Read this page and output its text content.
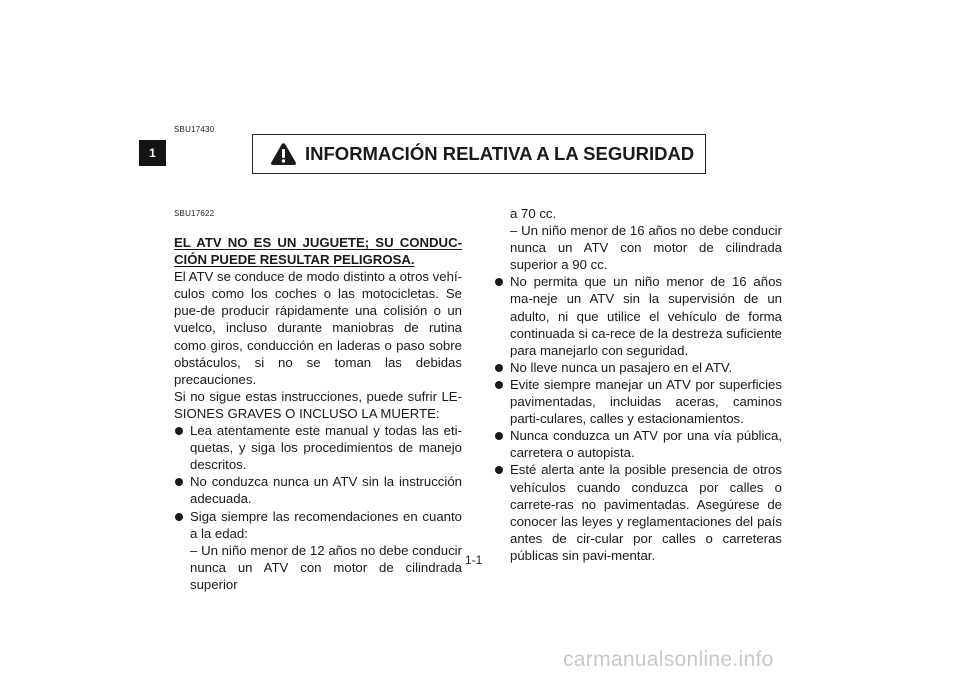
1
SBU17430
INFORMACIÓN RELATIVA A LA SEGURIDAD
SBU17622
EL ATV NO ES UN JUGUETE; SU CONDUC-CIÓN PUEDE RESULTAR PELIGROSA.
El ATV se conduce de modo distinto a otros vehí-culos como los coches o las motocicletas. Se pue-de producir rápidamente una colisión o un vuelco, incluso durante maniobras de rutina como giros, conducción en laderas o paso sobre obstáculos, si no se toman las debidas precauciones.
Si no sigue estas instrucciones, puede sufrir LE-SIONES GRAVES O INCLUSO LA MUERTE:
Lea atentamente este manual y todas las eti-quetas, y siga los procedimientos de manejo descritos.
No conduzca nunca un ATV sin la instrucción adecuada.
Siga siempre las recomendaciones en cuanto a la edad:
– Un niño menor de 12 años no debe conducir nunca un ATV con motor de cilindrada superior
a 70 cc.
– Un niño menor de 16 años no debe conducir nunca un ATV con motor de cilindrada superior a 90 cc.
No permita que un niño menor de 16 años ma-neje un ATV sin la supervisión de un adulto, ni que utilice el vehículo de forma continuada si ca-rece de la destreza suficiente para manejarlo con seguridad.
No lleve nunca un pasajero en el ATV.
Evite siempre manejar un ATV por superficies pavimentadas, incluidas aceras, caminos parti-culares, calles y estacionamientos.
Nunca conduzca un ATV por una vía pública, carretera o autopista.
Esté alerta ante la posible presencia de otros vehículos cuando conduzca por calles o carrete-ras no pavimentadas. Asegúrese de conocer las leyes y reglamentaciones del país antes de cir-cular por calles o carreteras públicas sin pavi-mentar.
1-1
carmanualsonline.info
